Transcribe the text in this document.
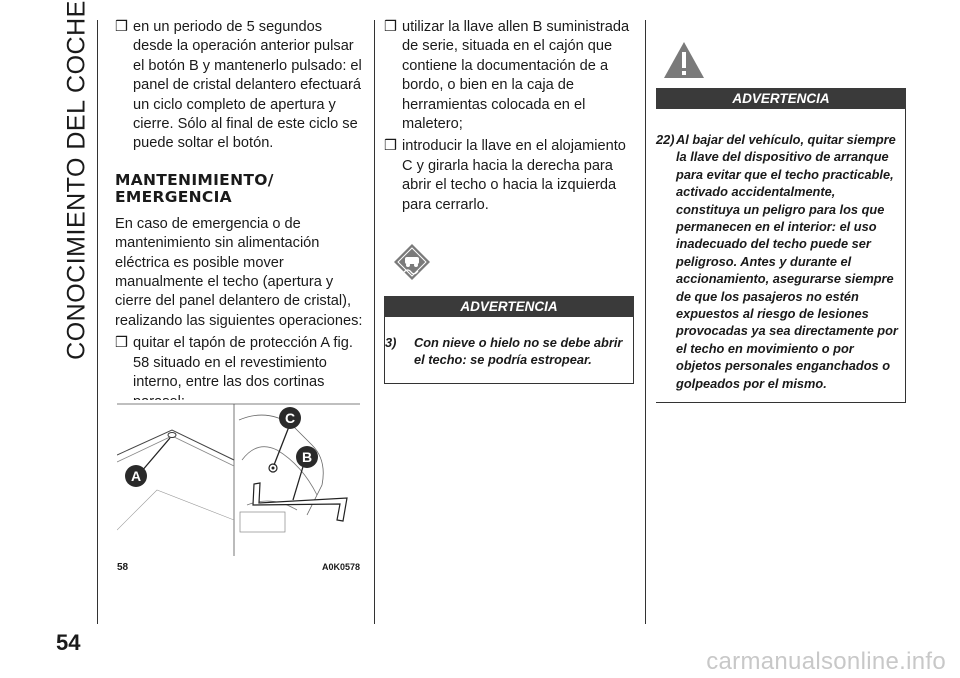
CONOCIMIENTO DEL COCHE ❒ en un periodo de 5 segundos desde la operación anterior pulsar el botón B y mantenerlo pulsado: el panel de cristal delantero efectuará un ciclo completo de apertura y cierre. Sólo al final de este ciclo se puede soltar el botón.
MANTENIMIENTO/
EMERGENCIA
En caso de emergencia o de mantenimiento sin alimentación eléctrica es posible mover manualmente el techo (apertura y cierre del panel delantero de cristal), realizando las siguientes operaciones:
❒ quitar el tapón de protección A fig. 58 situado en el revestimiento interno, entre las dos cortinas
A
C
B
58	A0K0578
❒ utilizar la llave allen B suministrada de serie, situada en el cajón que contiene la documentación de a bordo, o bien en la caja de herramientas colocada en el maletero;
❒ introducir la llave en el alojamiento C y girarla hacia la derecha para abrir el techo o hacia la izquierda para cerrarlo.
ADVERTENCIA
3) Con nieve o hielo no se debe abrir el techo: se podría estropear.
ADVERTENCIA
22) Al bajar del vehículo, quitar siempre la llave del dispositivo de arranque para evitar que el techo practicable, activado accidentalmente, constituya un peligro para los que permanecen en el interior: el uso inadecuado del techo puede ser peligroso. Antes y durante el accionamiento, asegurarse siempre de que los pasajeros no estén expuestos al riesgo de lesiones provocadas ya sea directamente por el techo en movimiento o por objetos personales enganchados o golpeados por el mismo.
54
carmanualsonline.info
